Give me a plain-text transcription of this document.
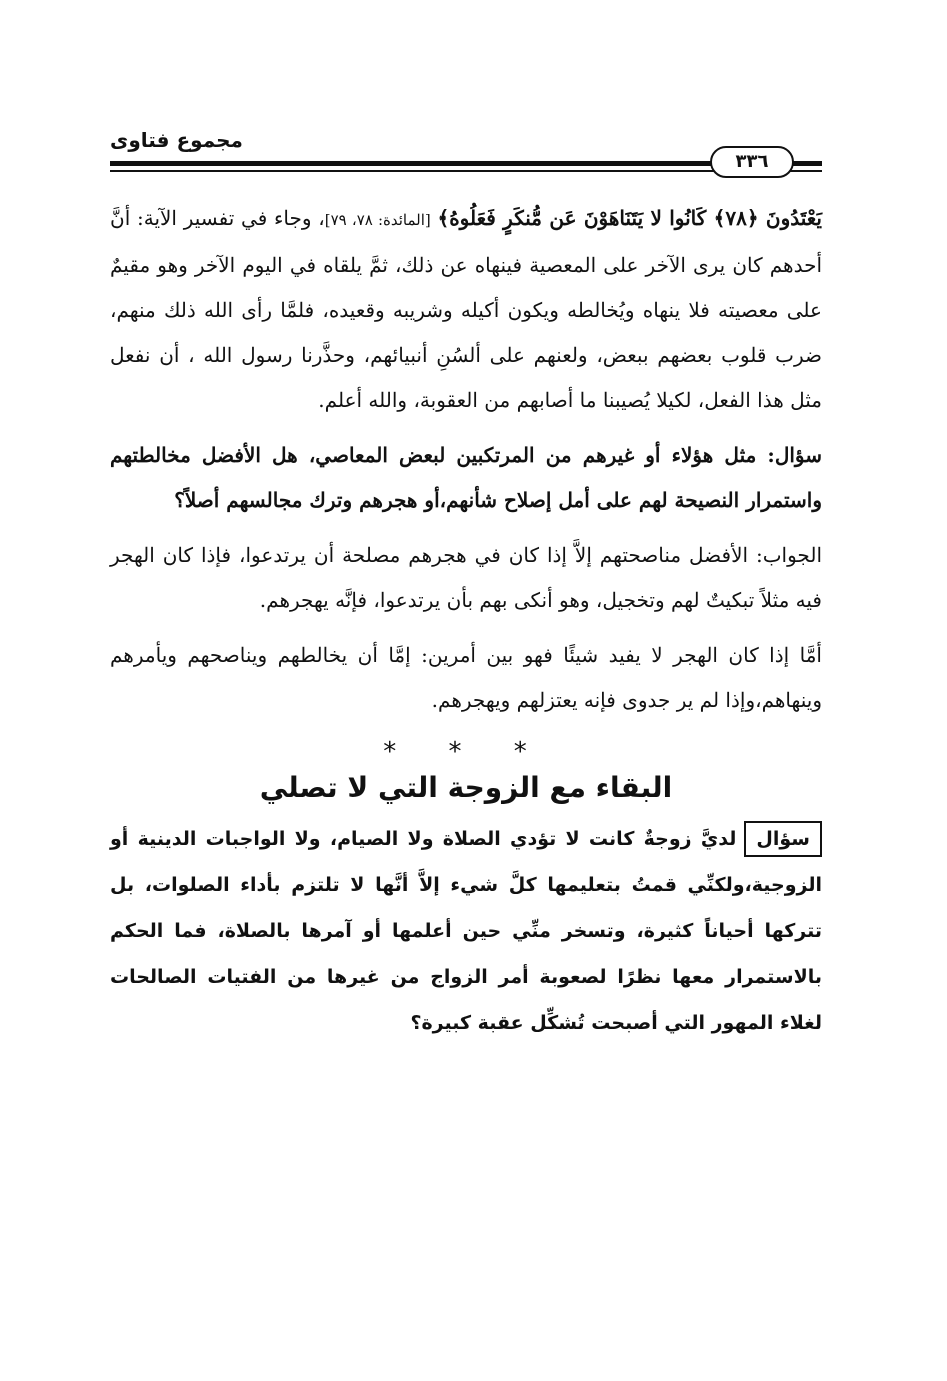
مجموع فتاوى
٣٣٦

يَعْتَدُونَ ﴿٧٨﴾ كَانُوا لا يَتَنَاهَوْنَ عَن مُّنكَرٍ فَعَلُوهُ﴾ [المائدة: ٧٨، ٧٩]، وجاء في تفسير الآية: أنَّ أحدهم كان يرى الآخر على المعصية فينهاه عن ذلك، ثمَّ يلقاه في اليوم الآخر وهو مقيمٌ على معصيته فلا ينهاه ويُخالطه ويكون أكيله وشريبه وقعيده، فلمَّا رأى الله ذلك منهم، ضرب قلوب بعضهم ببعض، ولعنهم على ألسُنِ أنبيائهم، وحذَّرنا رسول الله ، أن نفعل مثل هذا الفعل، لكيلا يُصيبنا ما أصابهم من العقوبة، والله أعلم.

سؤال: مثل هؤلاء أو غيرهم من المرتكبين لبعض المعاصي، هل الأفضل مخالطتهم واستمرار النصيحة لهم على أمل إصلاح شأنهم،أو هجرهم وترك مجالسهم أصلاً؟

الجواب: الأفضل مناصحتهم إلاَّ إذا كان في هجرهم مصلحة أن يرتدعوا، فإذا كان الهجر فيه مثلاً تبكيتٌ لهم وتخجيل، وهو أنكى بهم بأن يرتدعوا، فإنَّه يهجرهم.

أمَّا إذا كان الهجر لا يفيد شيئًا فهو بين أمرين: إمَّا أن يخالطهم ويناصحهم ويأمرهم وينهاهم،وإذا لم ير جدوى فإنه يعتزلهم ويهجرهم.

* * *
البقاء مع الزوجة التي لا تصلي

سؤاللديَّ زوجةٌ كانت لا تؤدي الصلاة ولا الصيام، ولا الواجبات الدينية أو الزوجية،ولكنِّي قمتُ بتعليمها كلَّ شيء إلاَّ أنَّها لا تلتزم بأداء الصلوات، بل تتركها أحياناً كثيرة، وتسخر منِّي حين أعلمها أو آمرها بالصلاة، فما الحكم بالاستمرار معها نظرًا لصعوبة أمر الزواج من غيرها من الفتيات الصالحات لغلاء المهور التي أصبحت تُشكِّل عقبة كبيرة؟
